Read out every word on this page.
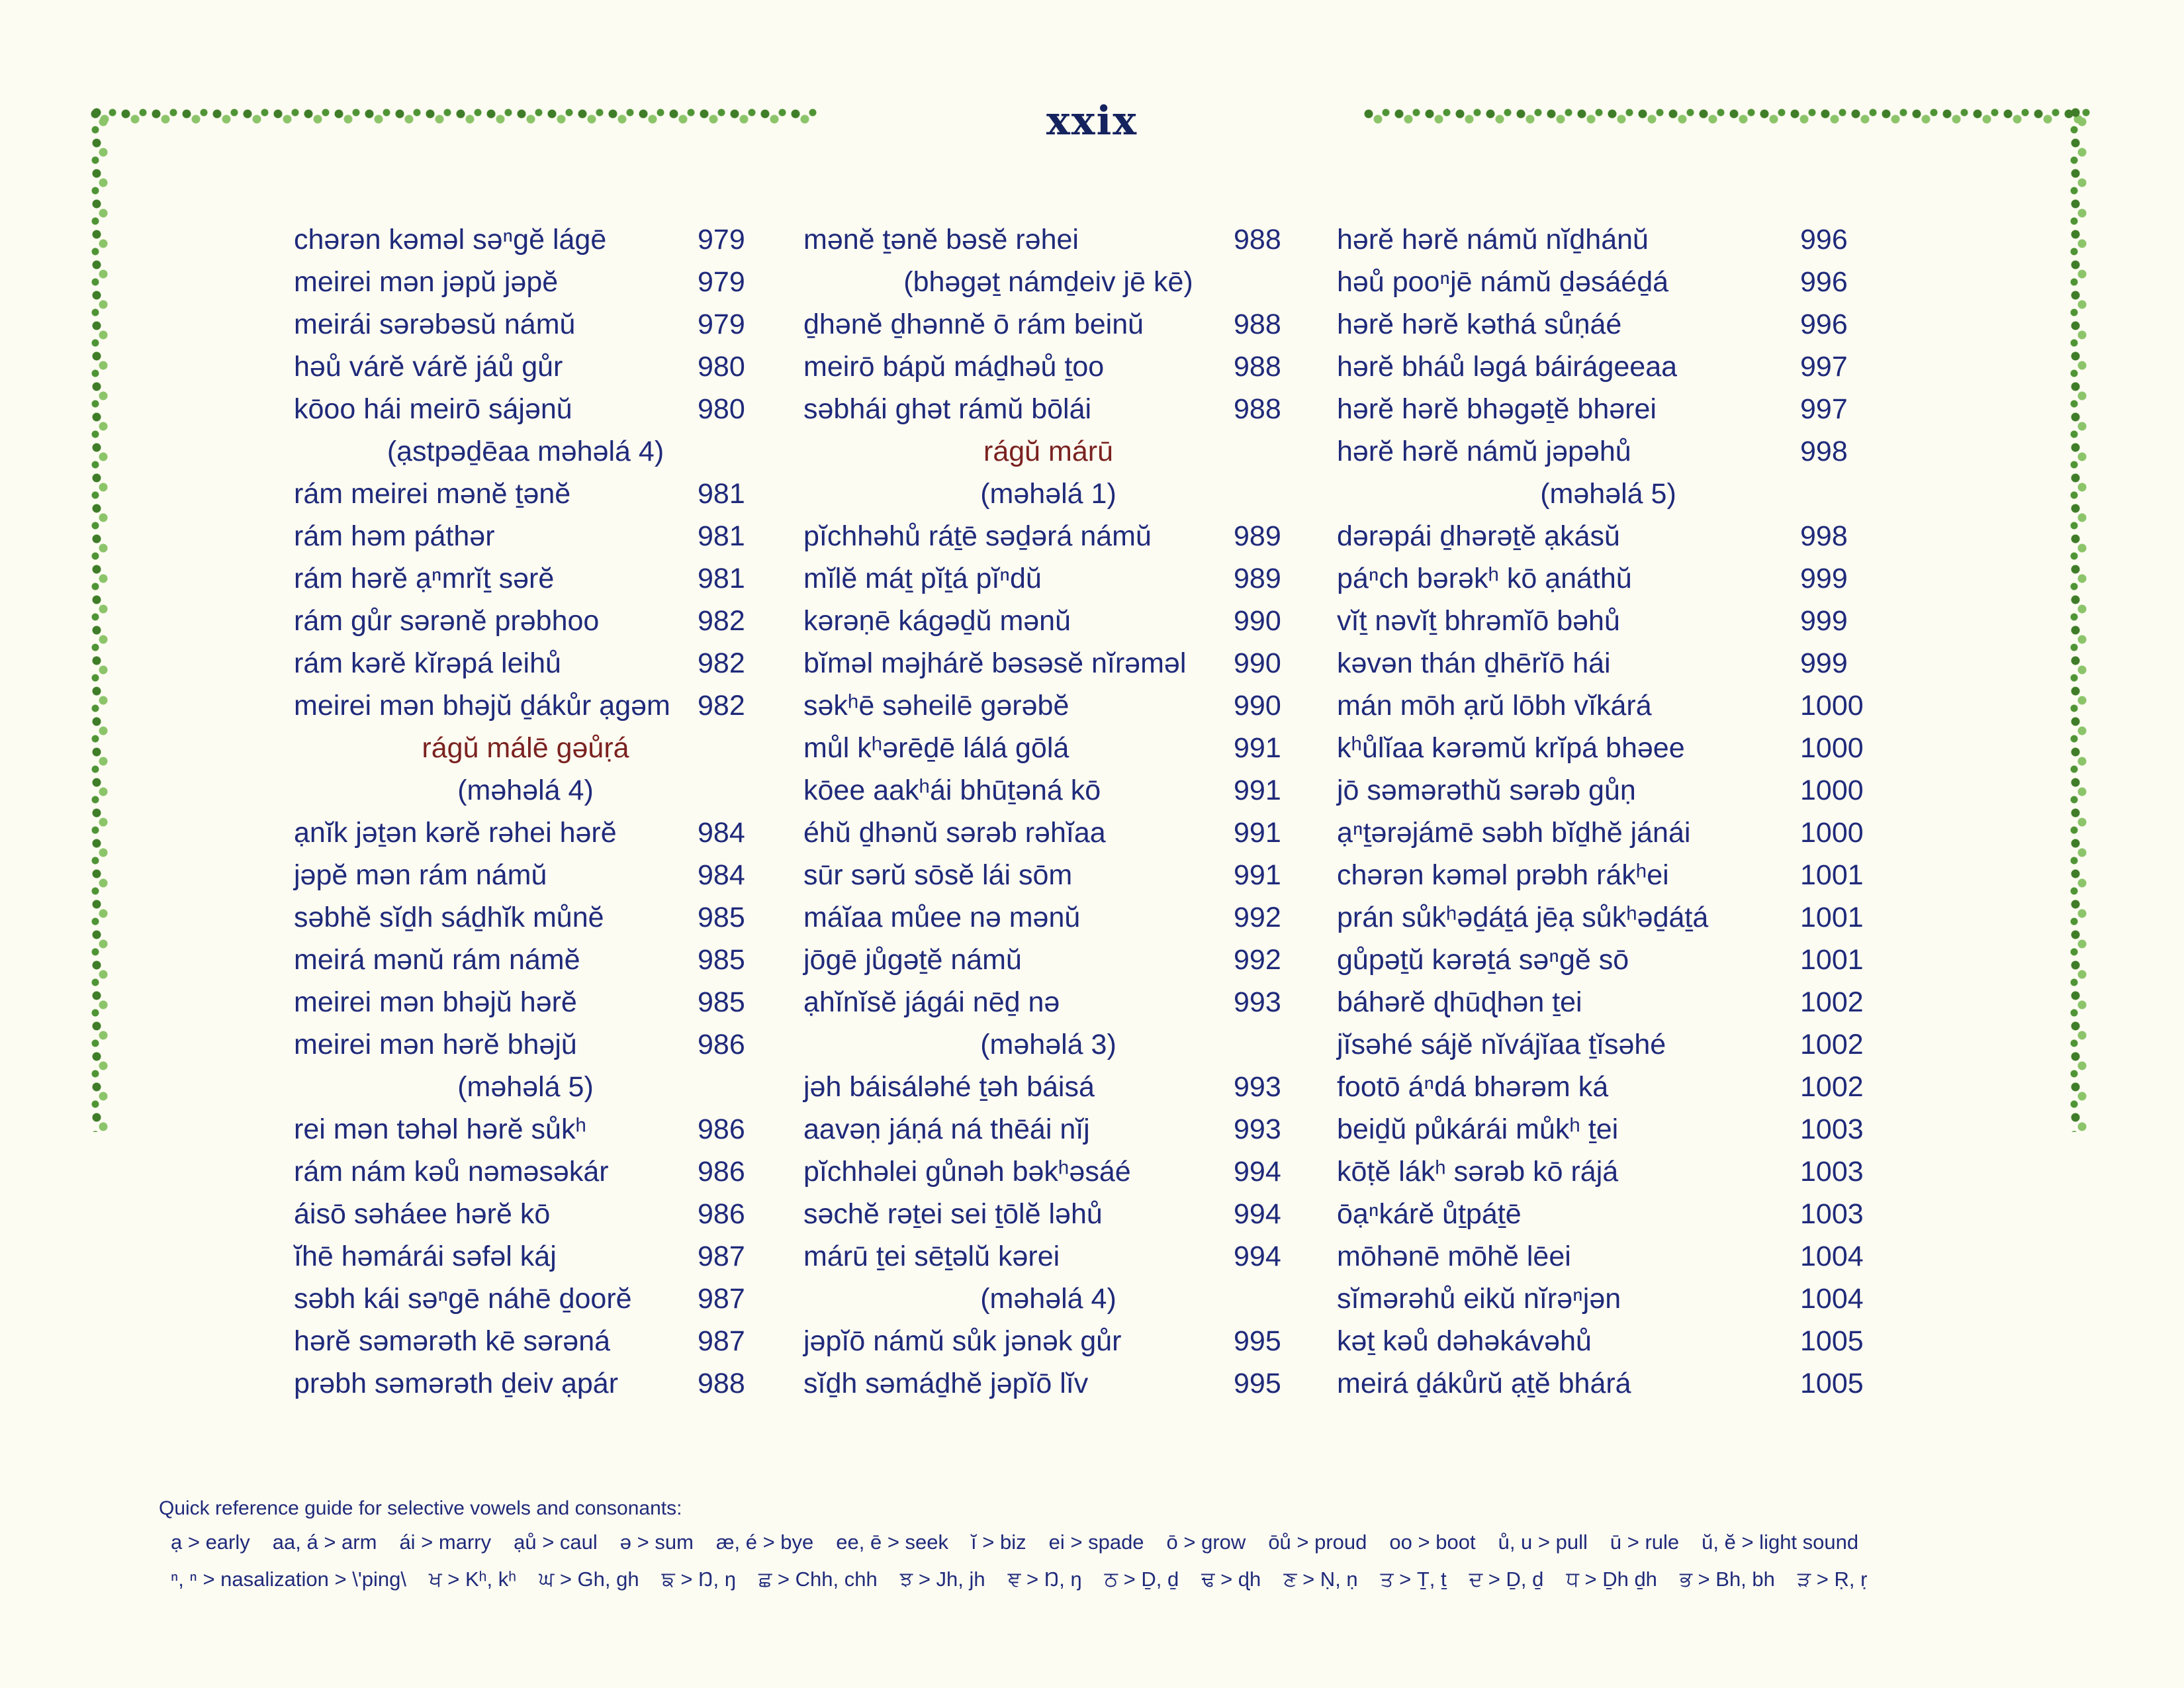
xxix
chərən kəməl səⁿgĕ lágē	979
meirei mən jəpŭ jəpĕ	979
meirái sərəbəsŭ námŭ	979
həů várĕ várĕ jáů gůr	980
kōoo hái meirō sájənŭ	980
(ạstpəḏēaa məhəlá 4)
rám meirei mənĕ ṯənĕ	981
rám həm páthər	981
rám hərĕ ạⁿmrĭṯ sərĕ	981
rám gůr sərənĕ prəbhoo	982
rám kərĕ kĭrəpá leihů	982
meirei mən bhəjŭ ḏákůr ạgəm 982
rágŭ málē gəůṛá
(məhəlá 4)
ạnĭk jəṯən kərĕ rəhei hərĕ	984
jəpĕ mən rám námŭ	984
səbhĕ sĭḏh sáḏhĭk můnĕ	985
meirá mənŭ rám námĕ	985
meirei mən bhəjŭ hərĕ	985
meirei mən hərĕ bhəjŭ	986
(məhəlá 5)
rei mən təhəl hərĕ sůkʰ	986
rám nám kəů nəməsəkár	986
áisō səháee hərĕ kō	986
ĭhē həmárái səfəl káj	987
səbh kái səⁿgē náhē ḏoorĕ 987
hərĕ səmərəth kē sərəná	987
prəbh səmərəth ḏeiv ạpár	988
mənĕ ṯənĕ bəsĕ rəhei	988
(bhəgəṯ námḏeiv jē kē)
ḏhənĕ ḏhənnĕ ō rám beinŭ	988
meirō bápŭ máḏhəů ṯoo	988
səbhái ghət rámŭ bōlái	988
rágŭ márū
(məhəlá 1)
pĭchhəhů ráṯē səḏərá námŭ	989
mĭlĕ máṯ pĭṯá pĭⁿdŭ	989
kərəṇē kágəḏŭ mənŭ	990
bĭməl məjhárĕ bəsəsĕ nĭrəməl 990
səkʰē səheilē gərəbĕ	990
můl kʰərēḏē lálá gōlá	991
kōee aakʰái bhūṯəná kō	991
éhŭ ḏhənŭ sərəb rəhĭaa	991
sūr sərŭ sōsĕ lái sōm	991
máĭaa můee nə mənŭ	992
jōgē jůgəṯĕ námŭ	992
ạhĭnĭsĕ jágái nēḏ nə	993
(məhəlá 3)
jəh báisáləhé ṯəh báisá	993
aavəṇ jáṇá ná thēái nĭj	993
pĭchhəlei gůnəh bəkʰəsáé	994
səchĕ rəṯei sei ṯōlĕ ləhů	994
márū ṯei sēṯəlŭ kərei	994
(məhəlá 4)
jəpĭō námŭ sůk jənək gůr	995
sĭḏh səmáḏhĕ jəpĭō lĭv	995
hərĕ hərĕ námŭ nĭḏhánŭ	996
həů pooⁿjē námŭ ḏəsáéḏá	996
hərĕ hərĕ kəthá sůṇáé	996
hərĕ bháů ləgá báirágeeaa	997
hərĕ hərĕ bhəgəṯĕ bhərei	997
hərĕ hərĕ námŭ jəpəhů	998
(məhəlá 5)
dərəpái ḏhərəṯĕ ạkásŭ	998
páⁿch bərəkʰ kō ạnáthŭ	999
vĭṯ nəvĭṯ bhrəmĭō bəhů	999
kəvən thán ḏhērĭō hái	999
mán mōh ạrŭ lōbh vĭkárá	1000
kʰůlĭaa kərəmŭ krĭpá bhəee	1000
jō səmərəthŭ sərəb gůṇ	1000
ạⁿṯərəjámē səbh bĭḏhĕ jánái	1000
chərən kəməl prəbh rákʰei	1001
prán sůkʰəḏáṯá jēạ sůkʰəḏáṯá	1001
gůpəṯŭ kərəṯá səⁿgĕ sō	1001
báhərĕ ɖhūɖhən ṯei	1002
jĭsəhé sájĕ nĭvájĭaa ṯĭsəhé	1002
footō áⁿdá bhərəm ká	1002
beiḏŭ půkárái můkʰ ṯei	1003
kōṭĕ lákʰ sərəb kō rájá	1003
ōạⁿkárĕ ůṯpáṯē	1003
mōhənē mōhĕ lēei	1004
sĭmərəhů eikŭ nĭrəⁿjən	1004
kəṯ kəů dəhəkávəhů	1005
meirá ḏákůrŭ ạṯĕ bhárá	1005
Quick reference guide for selective vowels and consonants:
ạ > early aa, á > arm ái > marry ạů > caul ə > sum æ, é > bye ee, ē > seek ĭ > biz ei > spade ō > grow ōů > proud oo > boot ů, u > pull ū > rule ŭ, ĕ > light sound
ⁿ, ⁿ > nasalization > \'ping\ ਖ > Kʰ, kʰ ਘ > Gh, gh ਙ > Ŋ, ŋ ਛ > Chh, chh ਝ > Jh, jh ਞ > Ŋ, ŋ ਠ > Ḏ, ḏ ਢ > ɖh ਣ > Ṇ, ṇ ਤ > Ṯ, ṯ ਦ > Ḏ, ḏ ਧ > Ḏh ḏh ਭ > Bh, bh ੜ > Ṛ, ṛ
